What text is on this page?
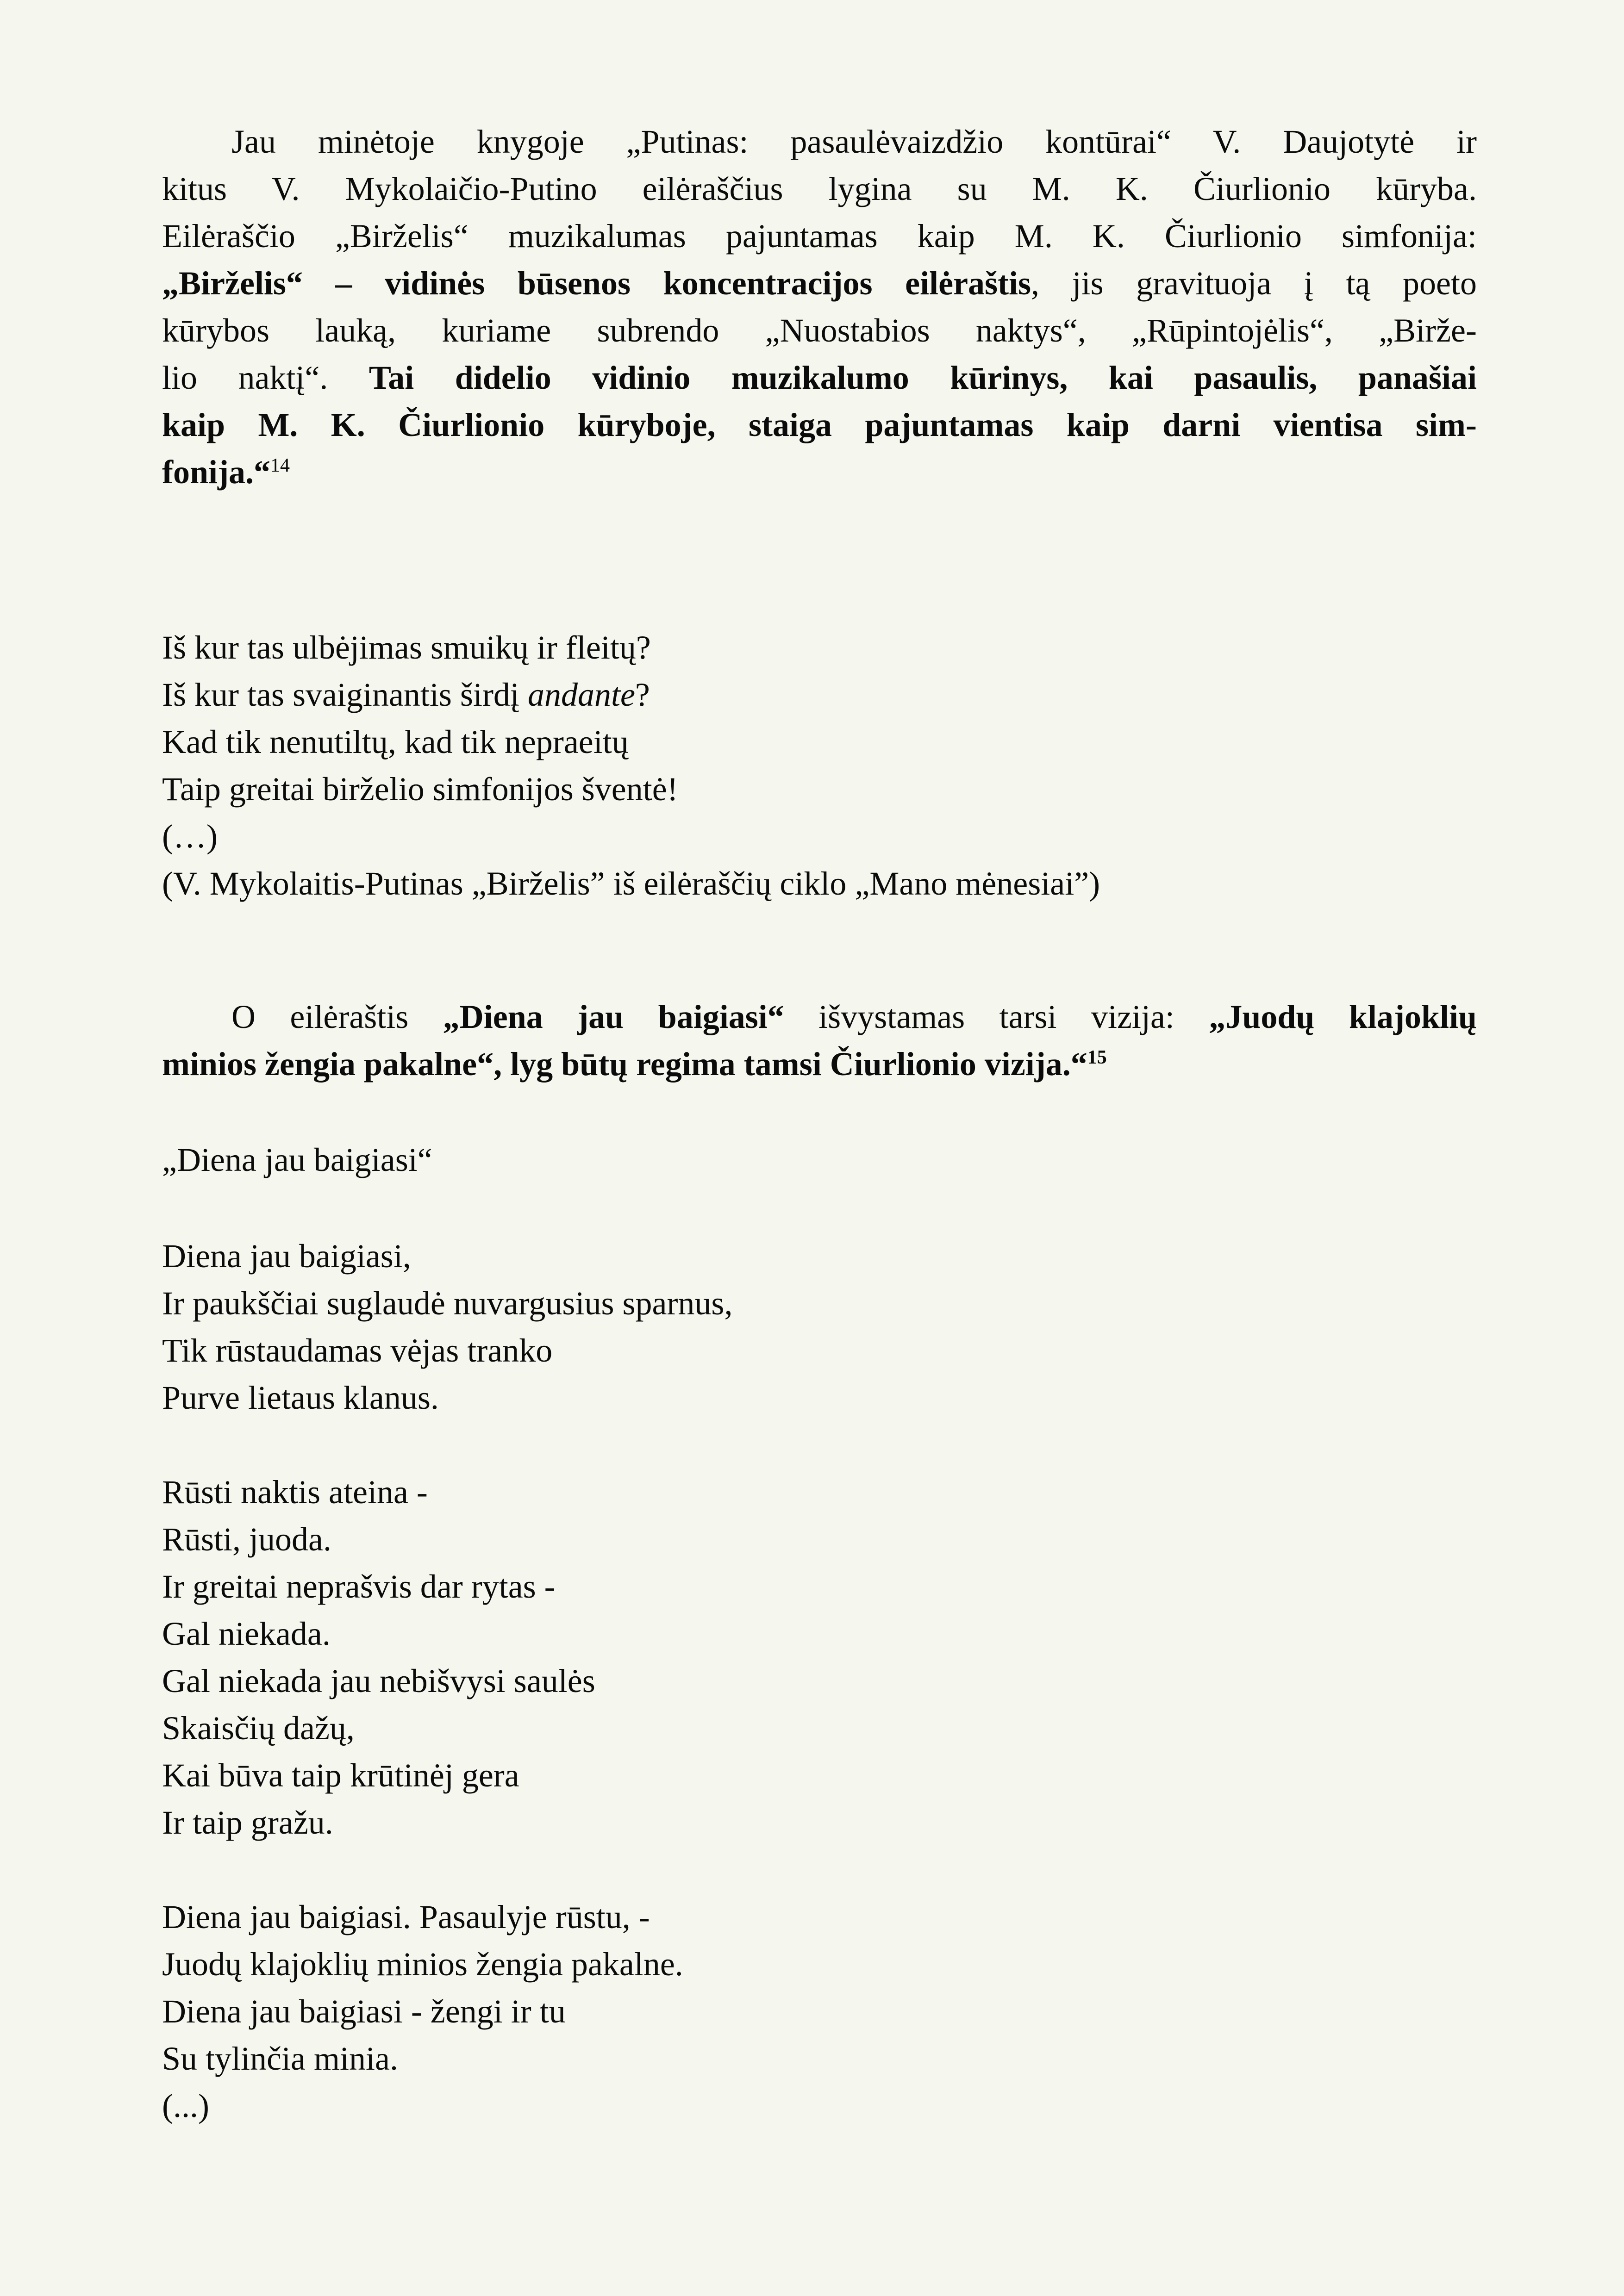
Jau minėtoje knygoje „Putinas: pasaulėvaizdžio kontūrai“ V. Daujotytė ir
kitus V. Mykolaičio-Putino eilėraščius lygina su M. K. Čiurlionio kūryba.
Eilėraščio „Birželis“ muzikalumas pajuntamas kaip M. K. Čiurlionio simfonija:
„Birželis“ – vidinės būsenos koncentracijos eilėraštis, jis gravituoja į tą poeto
kūrybos lauką, kuriame subrendo „Nuostabios naktys“, „Rūpintojėlis“, „Birže-
lio naktį“. Tai didelio vidinio muzikalumo kūrinys, kai pasaulis, panašiai
kaip M. K. Čiurlionio kūryboje, staiga pajuntamas kaip darni vientisa sim-
fonija.“$^{14}$
Iš kur tas ulbėjimas smuikų ir fleitų?
Iš kur tas svaiginantis širdį andante?
Kad tik nenutiltų, kad tik nepraeitų
Taip greitai birželio simfonijos šventė!
(…)
(V. Mykolaitis-Putinas „Birželis” iš eilėraščių ciklo „Mano mėnesiai”)
O eilėraštis „Diena jau baigiasi“ išvystamas tarsi vizija: „Juodų klajoklių
minios žengia pakalne“, lyg būtų regima tamsi Čiurlionio vizija.“$^{15}$
„Diena jau baigiasi“
Diena jau baigiasi,
Ir paukščiai suglaudė nuvargusius sparnus,
Tik rūstaudamas vėjas tranko
Purve lietaus klanus.
Rūsti naktis ateina -
Rūsti, juoda.
Ir greitai neprašvis dar rytas -
Gal niekada.
Gal niekada jau nebišvysi saulės
Skaisčių dažų,
Kai būva taip krūtinėj gera
Ir taip gražu.
Diena jau baigiasi. Pasaulyje rūstu, -
Juodų klajoklių minios žengia pakalne.
Diena jau baigiasi - žengi ir tu
Su tylinčia minia.
(...)
